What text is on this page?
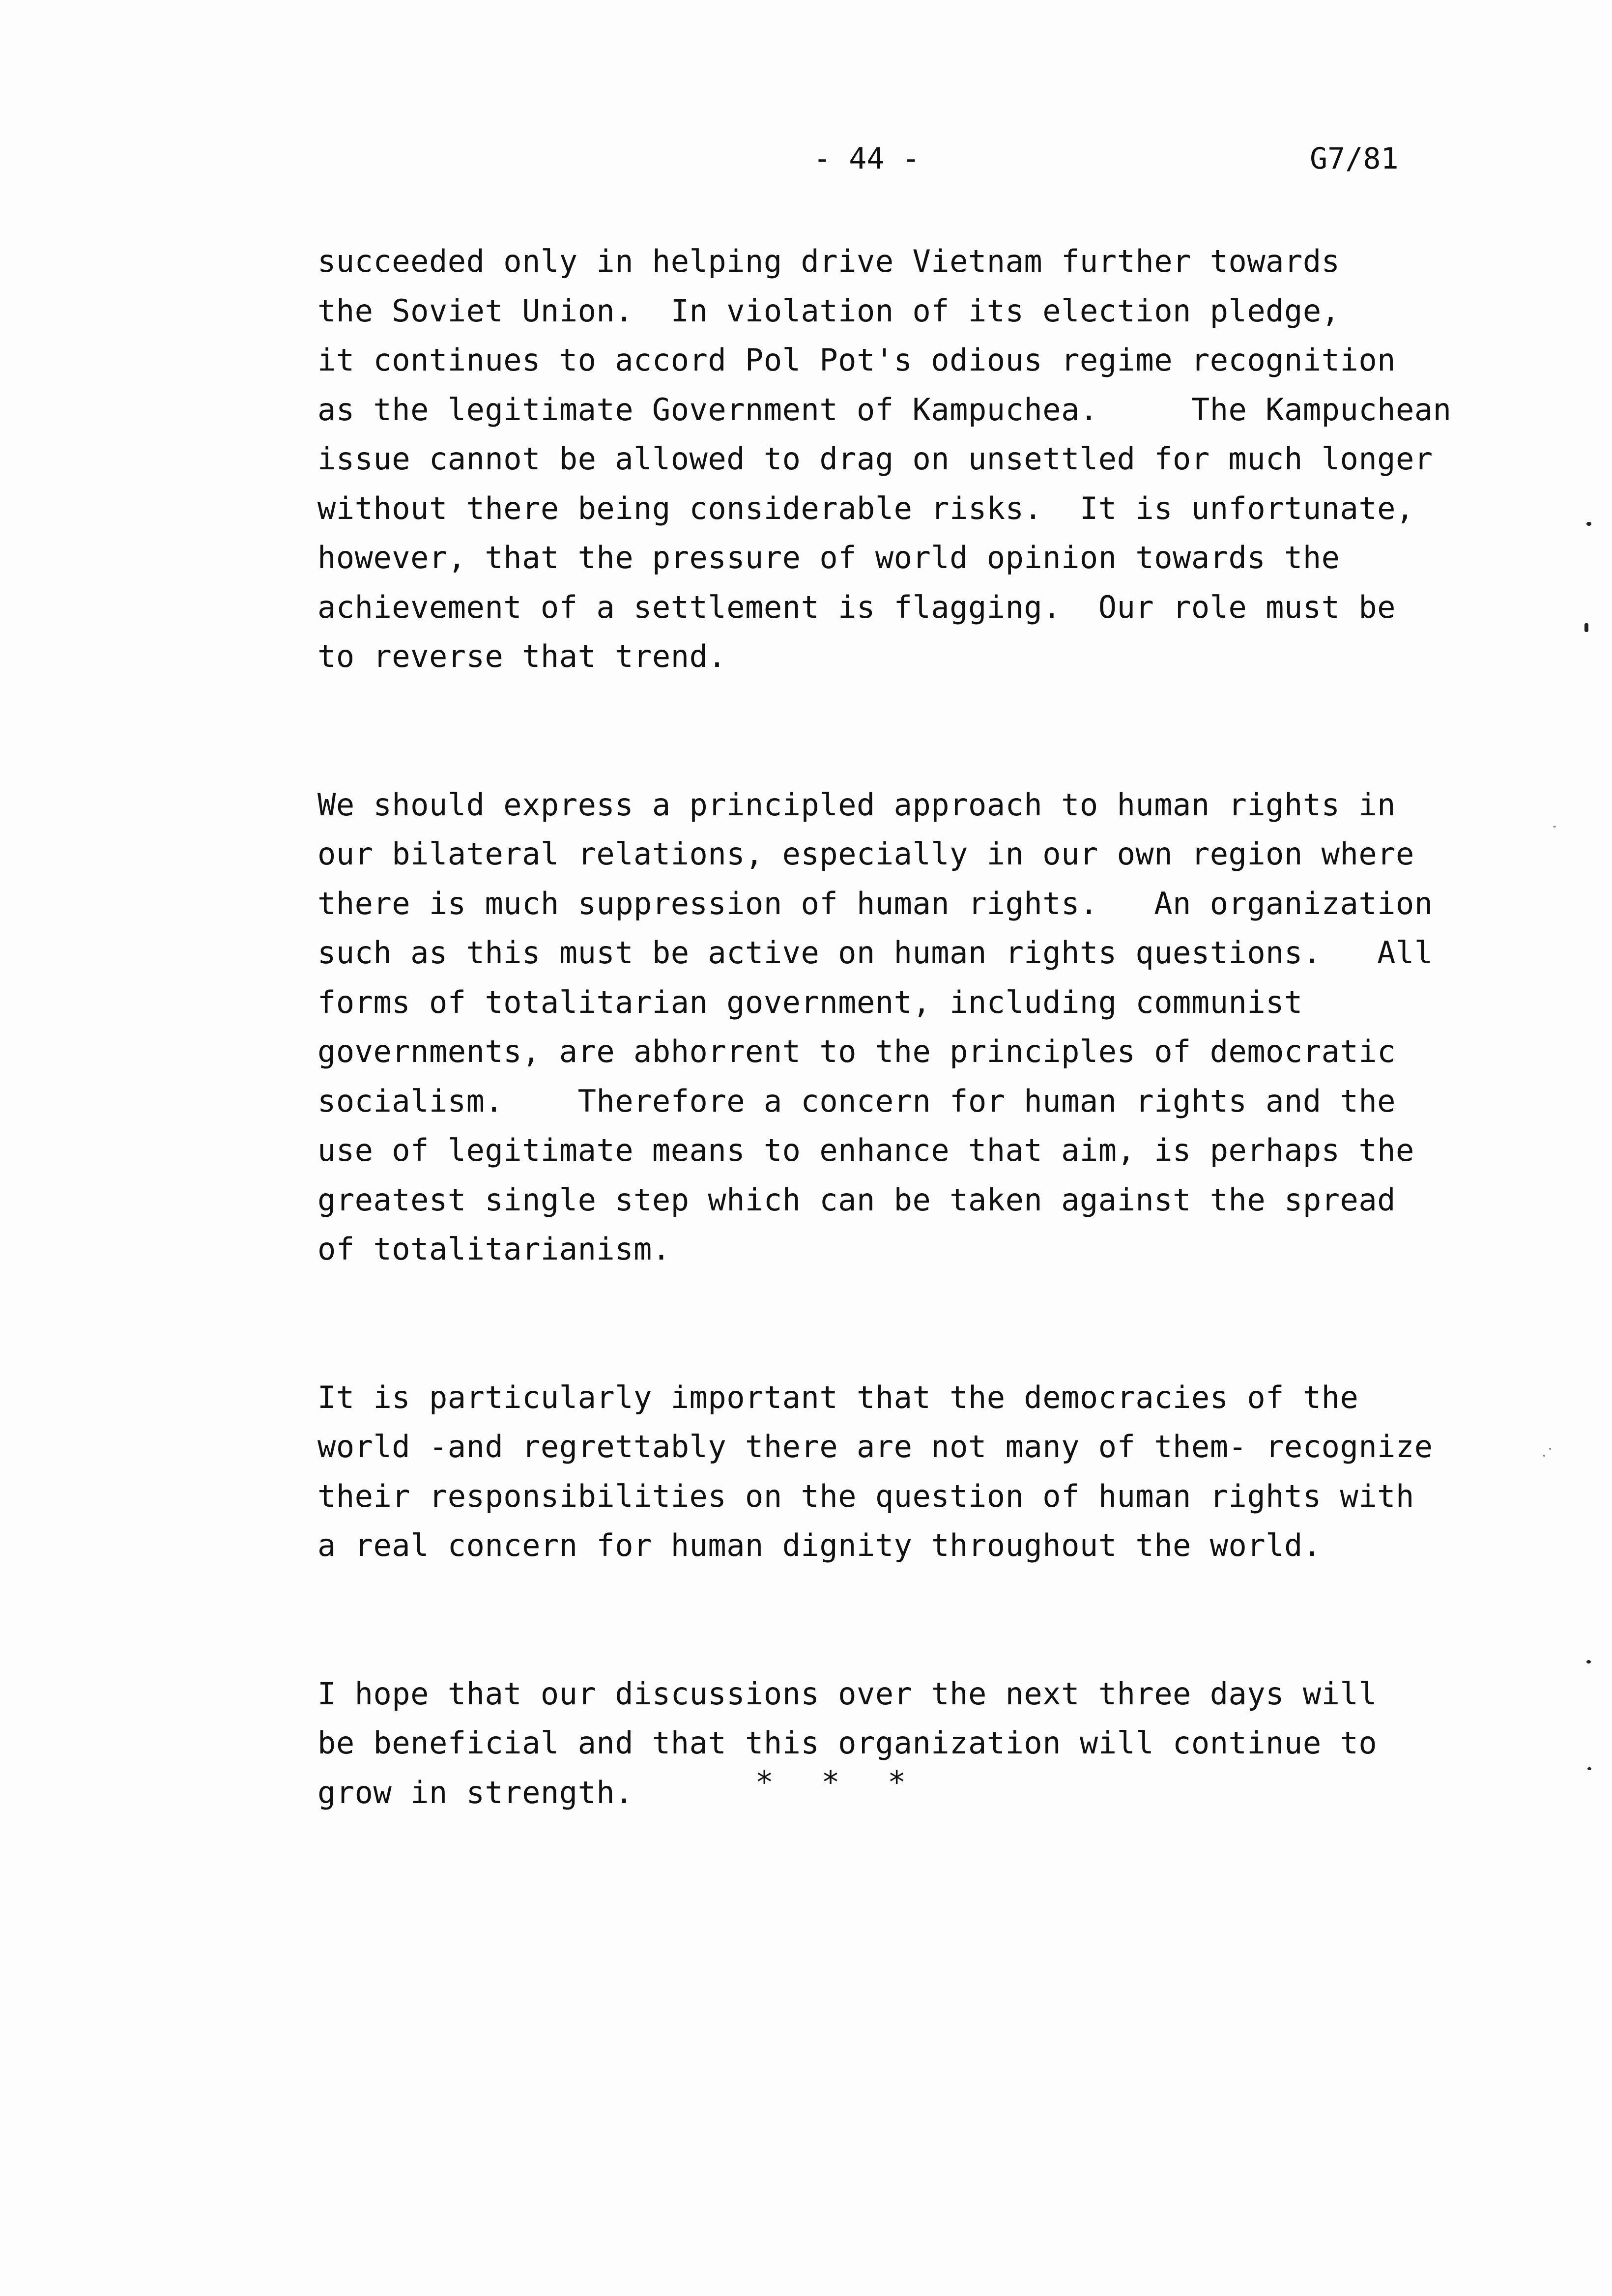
- 44 -	G7/81
succeeded only in helping drive Vietnam further towards
the Soviet Union.  In violation of its election pledge,
it continues to accord Pol Pot's odious regime recognition
as the legitimate Government of Kampuchea.     The Kampuchean
issue cannot be allowed to drag on unsettled for much longer
without there being considerable risks.  It is unfortunate,
however, that the pressure of world opinion towards the
achievement of a settlement is flagging.  Our role must be
to reverse that trend.
We should express a principled approach to human rights in
our bilateral relations, especially in our own region where
there is much suppression of human rights.   An organization
such as this must be active on human rights questions.   All
forms of totalitarian government, including communist
governments, are abhorrent to the principles of democratic
socialism.    Therefore a concern for human rights and the
use of legitimate means to enhance that aim, is perhaps the
greatest single step which can be taken against the spread
of totalitarianism.
It is particularly important that the democracies of the
world -and regrettably there are not many of them- recognize
their responsibilities on the question of human rights with
a real concern for human dignity throughout the world.
I hope that our discussions over the next three days will
be beneficial and that this organization will continue to
grow in strength.	* * *
